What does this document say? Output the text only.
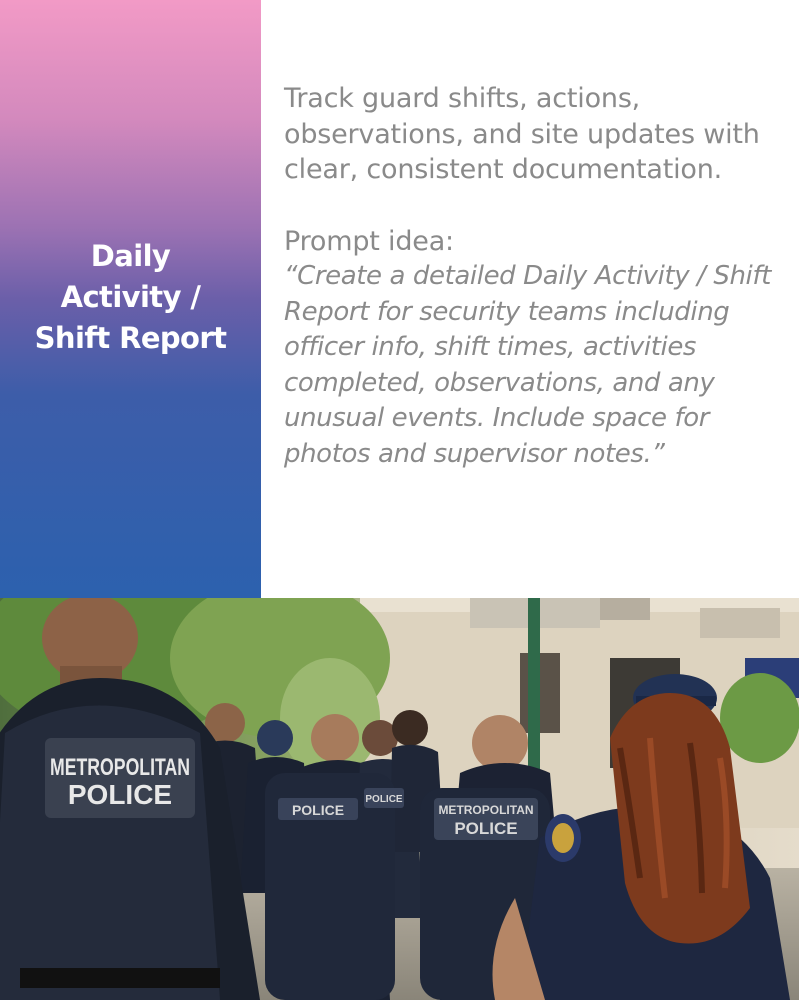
Daily
Activity /
Shift Report

Track guard shifts, actions, observations, and site updates with clear, consistent documentation.

Prompt idea:

“Create a detailed Daily Activity / Shift Report for security teams including officer info, shift times, activities completed, observations, and any unusual events. Include space for photos and supervisor notes.”

METROPOLITAN
POLICE	POLICE
POLICE
METROPOLITAN
POLICE
